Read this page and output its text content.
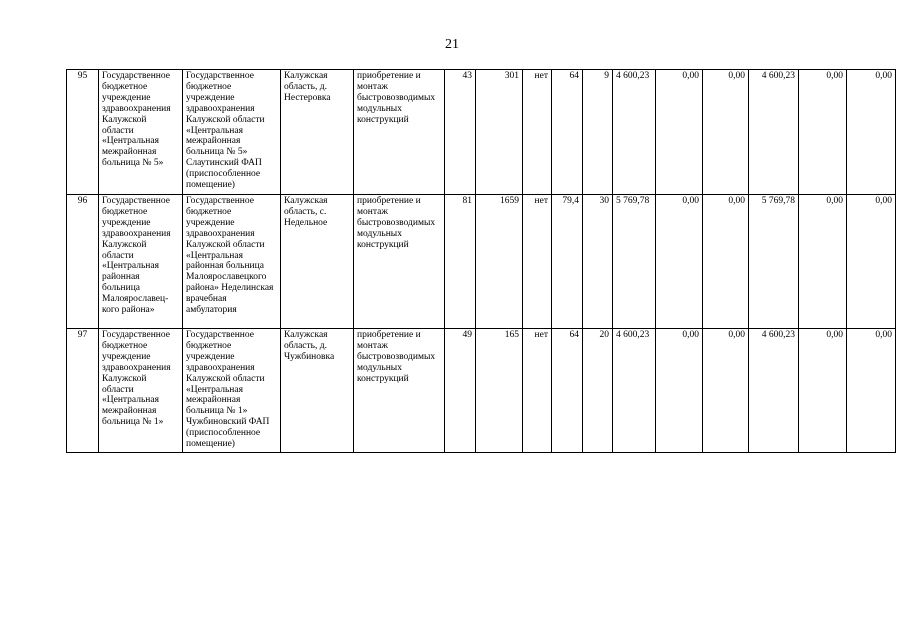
21
95	Государственное бюджетное учреждение здравоохранения Калужской области «Центральная межрайонная больница № 5»	Государственное бюджетное учреждение здравоохранения Калужской области «Центральная межрайонная больница № 5» Слаутинский ФАП (приспособленное помещение)	Калужская область, д. Нестеровка	приобретение и монтаж быстровозводимых модульных конструкций	43	301	нет	64	9	4 600,23	0,00	0,00	4 600,23	0,00	0,00
96	Государственное бюджетное учреждение здравоохранения Калужской области «Центральная районная больница Малоярославец-кого района»	Государственное бюджетное учреждение здравоохранения Калужской области «Центральная районная больница Малоярославецкого района» Неделинская врачебная амбулатория	Калужская область, с. Недельное	приобретение и монтаж быстровозводимых модульных конструкций	81	1659	нет	79,4	30	5 769,78	0,00	0,00	5 769,78	0,00	0,00
97	Государственное бюджетное учреждение здравоохранения Калужской области «Центральная межрайонная больница № 1»	Государственное бюджетное учреждение здравоохранения Калужской области «Центральная межрайонная больница № 1» Чужбиновский ФАП (приспособленное помещение)	Калужская область, д. Чужбиновка	приобретение и монтаж быстровозводимых модульных конструкций	49	165	нет	64	20	4 600,23	0,00	0,00	4 600,23	0,00	0,00
